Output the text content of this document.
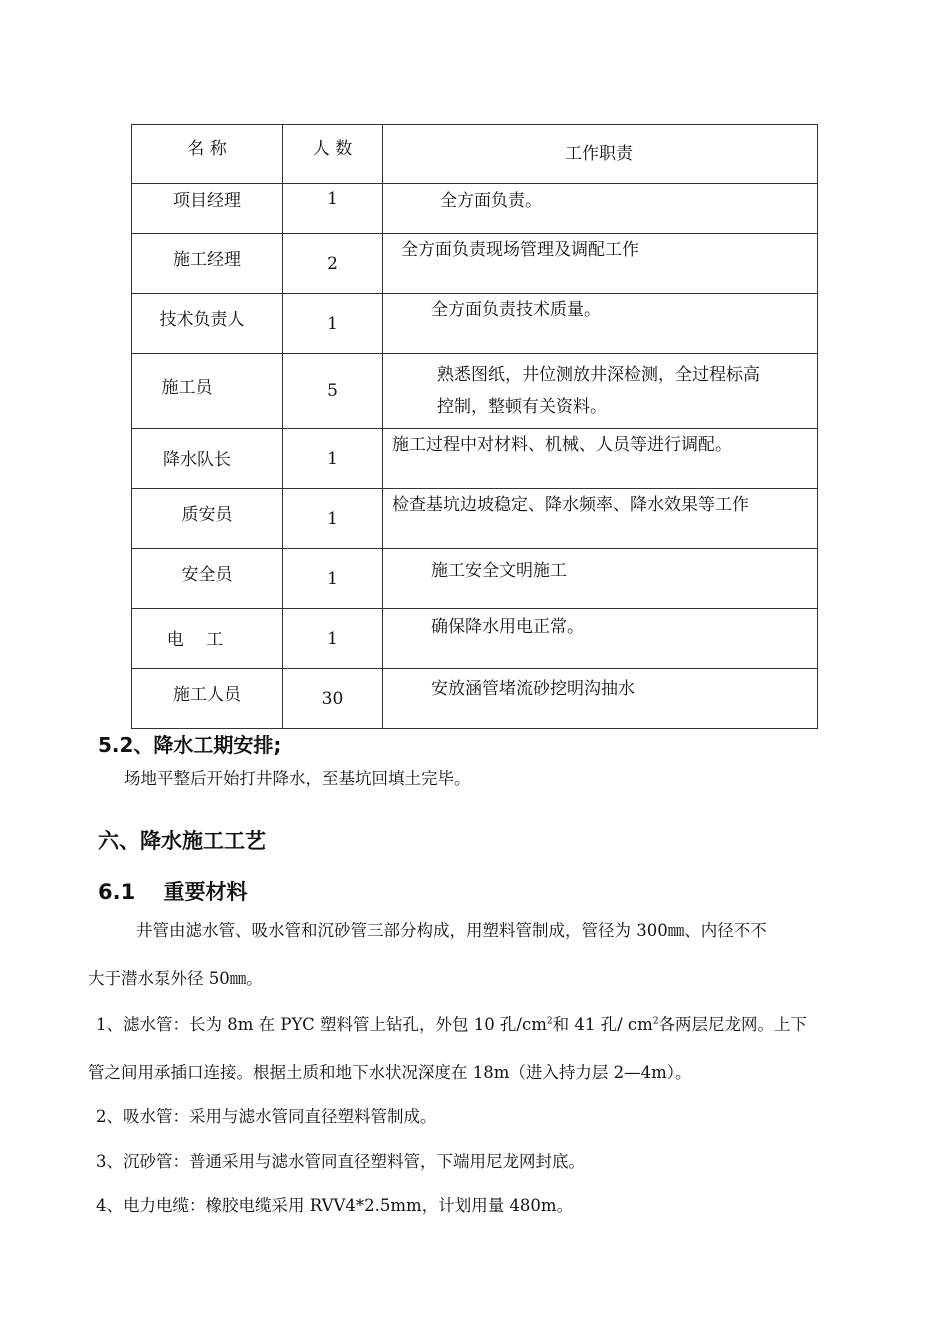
名 称	人 数	工作职责
项目经理	1	全方面负责。
施工经理	2	全方面负责现场管理及调配工作
技术负责人	1	全方面负责技术质量。
施工员	5	熟悉图纸，井位测放井深检测，全过程标高
控制，整顿有关资料。

降水队长	1	施工过程中对材料、机械、人员等进行调配。
质安员	1	检查基坑边坡稳定、降水频率、降水效果等工作
安全员	1	施工安全文明施工
电　 工	1	确保降水用电正常。
施工人员	30	安放涵管堵流砂挖明沟抽水
5.2、降水工期安排;
场地平整后开始打井降水，至基坑回填土完毕。
六、降水施工工艺
6.1　 重要材料
井管由滤水管、吸水管和沉砂管三部分构成，用塑料管制成，管径为 300㎜、内径不不
大于潜水泵外径 50㎜。
1、滤水管：长为 8m 在 PYC 塑料管上钻孔，外包 10 孔$/cm^2$和 41 孔/ $cm^2$各两层尼龙网。上下
管之间用承插口连接。根据土质和地下水状况深度在 18m（进入持力层 2—4m）。
2、吸水管：采用与滤水管同直径塑料管制成。
3、沉砂管：普通采用与滤水管同直径塑料管，下端用尼龙网封底。
4、电力电缆：橡胶电缆采用 RVV4*2.5mm，计划用量 480m。
